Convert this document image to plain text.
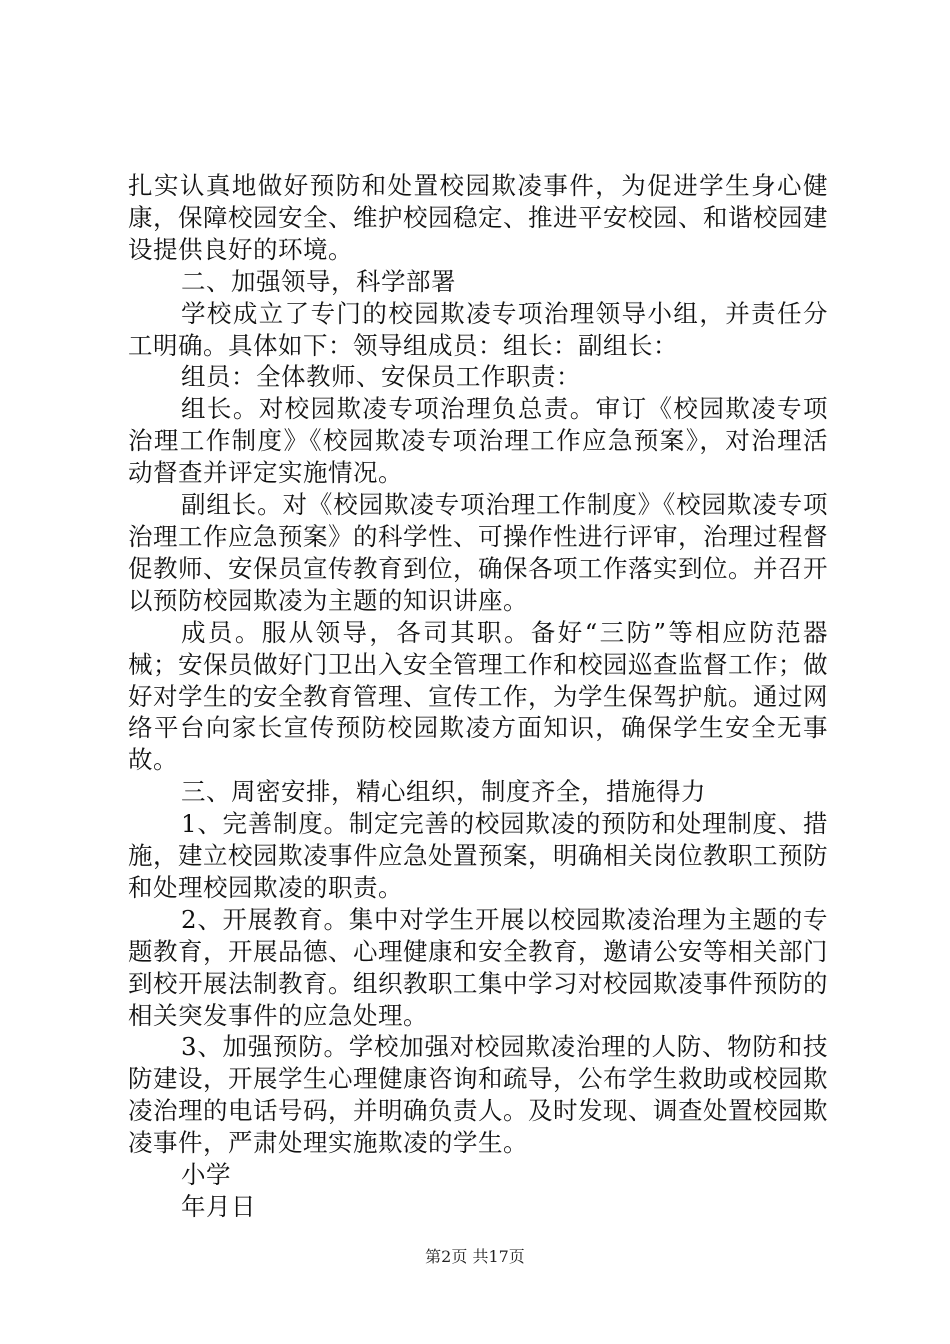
扎实认真地做好预防和处置校园欺凌事件，为促进学生身心健康，保障校园安全、维护校园稳定、推进平安校园、和谐校园建设提供良好的环境。

二、加强领导，科学部署

学校成立了专门的校园欺凌专项治理领导小组，并责任分工明确。具体如下：领导组成员：组长：副组长：

组员：全体教师、安保员工作职责：

组长。对校园欺凌专项治理负总责。审订《校园欺凌专项治理工作制度》《校园欺凌专项治理工作应急预案》，对治理活动督查并评定实施情况。

副组长。对《校园欺凌专项治理工作制度》《校园欺凌专项治理工作应急预案》的科学性、可操作性进行评审，治理过程督促教师、安保员宣传教育到位，确保各项工作落实到位。并召开以预防校园欺凌为主题的知识讲座。

成员。服从领导，各司其职。备好“三防”等相应防范器械；安保员做好门卫出入安全管理工作和校园巡查监督工作；做好对学生的安全教育管理、宣传工作，为学生保驾护航。通过网络平台向家长宣传预防校园欺凌方面知识，确保学生安全无事故。

三、周密安排，精心组织，制度齐全，措施得力

1、完善制度。制定完善的校园欺凌的预防和处理制度、措施，建立校园欺凌事件应急处置预案，明确相关岗位教职工预防和处理校园欺凌的职责。

2、开展教育。集中对学生开展以校园欺凌治理为主题的专题教育，开展品德、心理健康和安全教育，邀请公安等相关部门到校开展法制教育。组织教职工集中学习对校园欺凌事件预防的相关突发事件的应急处理。

3、加强预防。学校加强对校园欺凌治理的人防、物防和技防建设，开展学生心理健康咨询和疏导，公布学生救助或校园欺凌治理的电话号码，并明确负责人。及时发现、调查处置校园欺凌事件，严肃处理实施欺凌的学生。

小学

年月日

第2页 共17页
